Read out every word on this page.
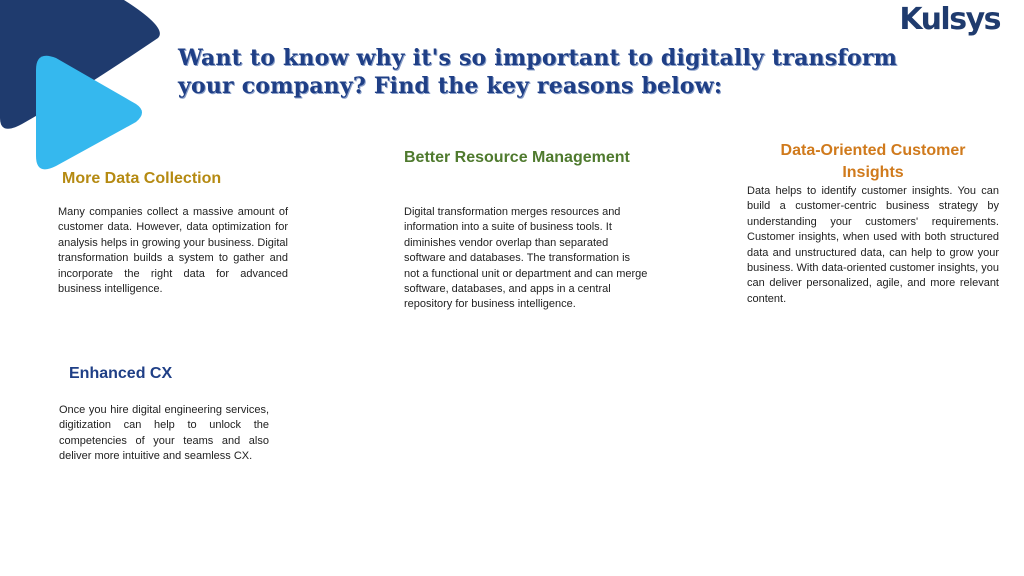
Kulsys
Want to know why it's so important to digitally transform your company? Find the key reasons below:
More Data Collection

Many companies collect a massive amount of customer data. However, data optimization for analysis helps in growing your business. Digital transformation builds a system to gather and incorporate the right data for advanced business intelligence.

Better Resource Management

Digital transformation merges resources and information into a suite of business tools. It diminishes vendor overlap than separated software and databases. The transformation is not a functional unit or department and can merge software, databases, and apps in a central repository for business intelligence.

Data-Oriented Customer Insights

Data helps to identify customer insights. You can build a customer-centric business strategy by understanding your customers' requirements. Customer insights, when used with both structured data and unstructured data, can help to grow your business. With data-oriented customer insights, you can deliver personalized, agile, and more relevant content.

Enhanced CX

Once you hire digital engineering services, digitization can help to unlock the competencies of your teams and also deliver more intuitive and seamless CX.
